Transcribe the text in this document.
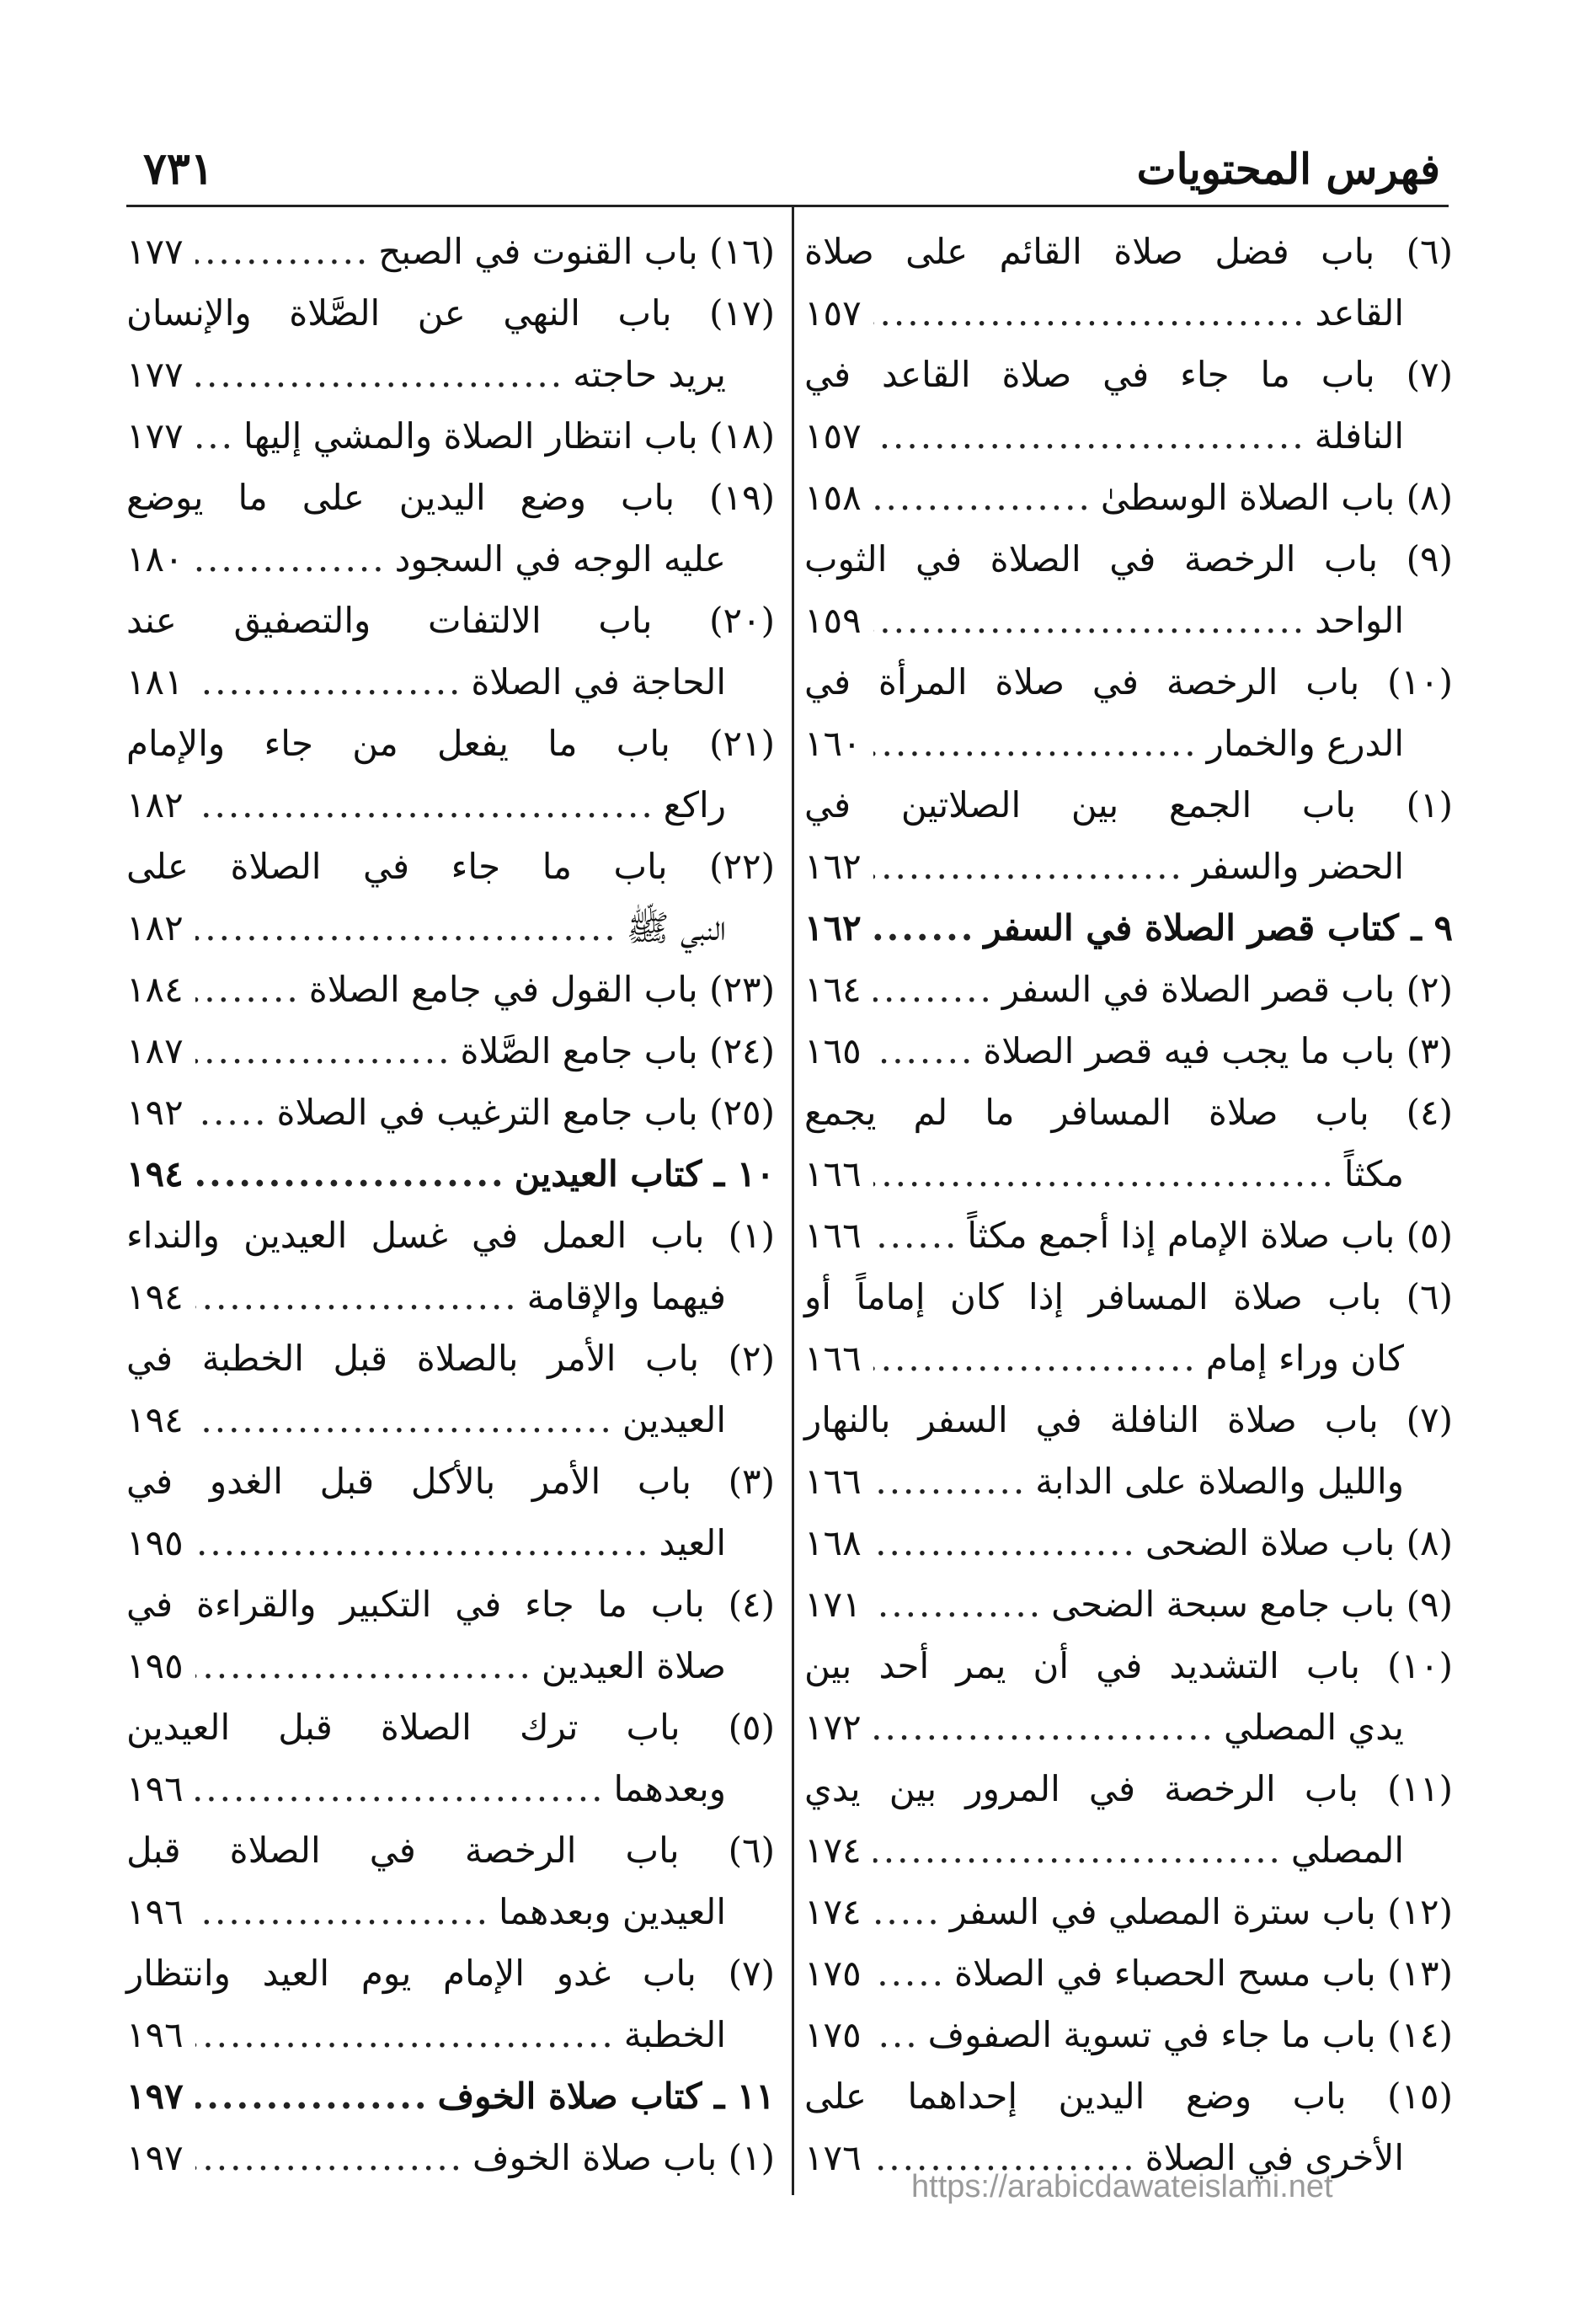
فهرس المحتويات
٧٣١
(٦) باب فضل صلاة القائم على صلاة
القاعد
.....
١٥٧
(٧) باب ما جاء في صلاة القاعد في
النافلة
.....
١٥٧
(٨) باب الصلاة الوسطىٰ
.....
١٥٨
(٩) باب الرخصة في الصلاة في الثوب
الواحد
.....
١٥٩
(١٠) باب الرخصة في صلاة المرأة في
الدرع والخمار
.....
١٦٠
(١) باب الجمع بين الصلاتين في
الحضر والسفر
.....
١٦٢
٩ ـ كتاب قصر الصلاة في السفر
.....
١٦٢
(٢) باب قصر الصلاة في السفر
.....
١٦٤
(٣) باب ما يجب فيه قصر الصلاة
.....
١٦٥
(٤) باب صلاة المسافر ما لم يجمع
مكثاً
.....
١٦٦
(٥) باب صلاة الإمام إذا أجمع مكثاً
.....
١٦٦
(٦) باب صلاة المسافر إذا كان إماماً أو
كان وراء إمام
.....
١٦٦
(٧) باب صلاة النافلة في السفر بالنهار
والليل والصلاة على الدابة
.....
١٦٦
(٨) باب صلاة الضحى
.....
١٦٨
(٩) باب جامع سبحة الضحى
.....
١٧١
(١٠) باب التشديد في أن يمر أحد بين
يدي المصلي
.....
١٧٢
(١١) باب الرخصة في المرور بين يدي
المصلي
.....
١٧٤
(١٢) باب سترة المصلي في السفر
.....
١٧٤
(١٣) باب مسح الحصباء في الصلاة
.....
١٧٥
(١٤) باب ما جاء في تسوية الصفوف
.....
١٧٥
(١٥) باب وضع اليدين إحداهما على
الأخرى في الصلاة
.....
١٧٦
(١٦) باب القنوت في الصبح
.....
١٧٧
(١٧) باب النهي عن الصَّلاة والإنسان
يريد حاجته
.....
١٧٧
(١٨) باب انتظار الصلاة والمشي إليها
.....
١٧٧
(١٩) باب وضع اليدين على ما يوضع
عليه الوجه في السجود
.....
١٨٠
(٢٠) باب الالتفات والتصفيق عند
الحاجة في الصلاة
.....
١٨١
(٢١) باب ما يفعل من جاء والإمام
راكع
.....
١٨٢
(٢٢) باب ما جاء في الصلاة على
النبي ﷺ
.....
١٨٢
(٢٣) باب القول في جامع الصلاة
.....
١٨٤
(٢٤) باب جامع الصَّلاة
.....
١٨٧
(٢٥) باب جامع الترغيب في الصلاة
.....
١٩٢
١٠ ـ كتاب العيدين
.....
١٩٤
(١) باب العمل في غسل العيدين والنداء
فيهما والإقامة
.....
١٩٤
(٢) باب الأمر بالصلاة قبل الخطبة في
العيدين
.....
١٩٤
(٣) باب الأمر بالأكل قبل الغدو في
العيد
.....
١٩٥
(٤) باب ما جاء في التكبير والقراءة في
صلاة العيدين
.....
١٩٥
(٥) باب ترك الصلاة قبل العيدين
وبعدهما
.....
١٩٦
(٦) باب الرخصة في الصلاة قبل
العيدين وبعدهما
.....
١٩٦
(٧) باب غدو الإمام يوم العيد وانتظار
الخطبة
.....
١٩٦
١١ ـ كتاب صلاة الخوف
.....
١٩٧
(١) باب صلاة الخوف
.....
١٩٧
https://arabicdawateislami.net
